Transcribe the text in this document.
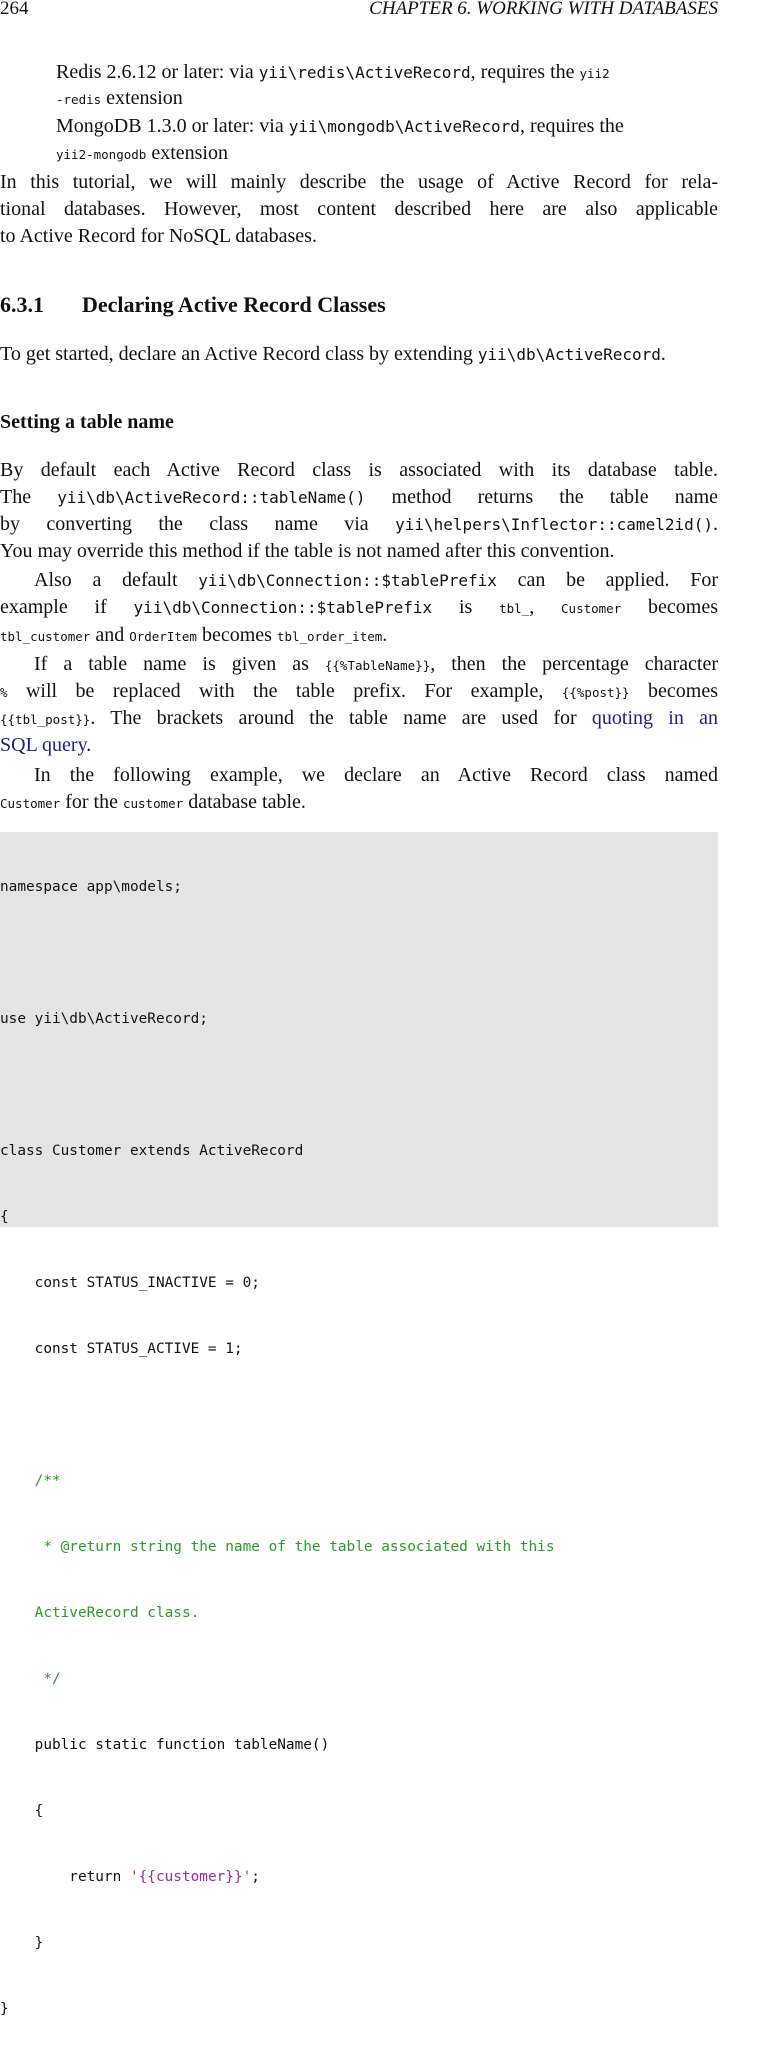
264	CHAPTER 6. WORKING WITH DATABASES
Redis 2.6.12 or later: via yii\redis\ActiveRecord, requires the yii2
-redis extension
MongoDB 1.3.0 or later: via yii\mongodb\ActiveRecord, requires the
yii2-mongodb extension
In this tutorial, we will mainly describe the usage of Active Record for rela-
tional databases. However, most content described here are also applicable
to Active Record for NoSQL databases.
6.3.1 Declaring Active Record Classes
To get started, declare an Active Record class by extending yii\db\ActiveRecord.
Setting a table name
By default each Active Record class is associated with its database table.
The yii\db\ActiveRecord::tableName() method returns the table name
by converting the class name via yii\helpers\Inflector::camel2id().
You may override this method if the table is not named after this convention.
Also a default yii\db\Connection::$tablePrefix can be applied. For
example if yii\db\Connection::$tablePrefix is tbl_, Customer becomes
tbl_customer and OrderItem becomes tbl_order_item.
If a table name is given as {{%TableName}}, then the percentage character
% will be replaced with the table prefix. For example, {{%post}} becomes
{{tbl_post}}. The brackets around the table name are used for quoting in an
SQL query.
In the following example, we declare an Active Record class named
Customer for the customer database table.

namespace app\models;

use yii\db\ActiveRecord;

class Customer extends ActiveRecord

{

const STATUS_INACTIVE = 0;

const STATUS_ACTIVE = 1;

/**

* @return string the name of the table associated with this

ActiveRecord class.

*/

public static function tableName()

{

return '{{customer}}';

}

}
